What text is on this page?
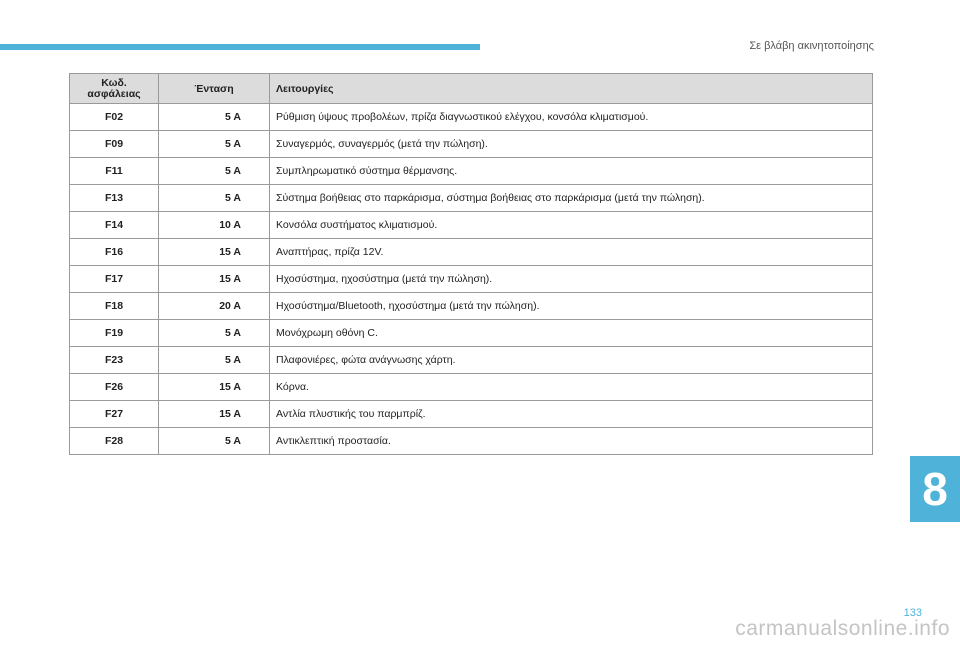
Σε βλάβη ακινητοποίησης
Κωδ.
ασφάλειας	Ένταση	Λειτουργίες
F02	5 A	Ρύθμιση ύψους προβολέων, πρίζα διαγνωστικού ελέγχου, κονσόλα κλιματισμού.
F09	5 A	Συναγερμός, συναγερμός (μετά την πώληση).
F11	5 A	Συμπληρωματικό σύστημα θέρμανσης.
F13	5 A	Σύστημα βοήθειας στο παρκάρισμα, σύστημα βοήθειας στο παρκάρισμα (μετά την πώληση).
F14	10 A	Κονσόλα συστήματος κλιματισμού.
F16	15 A	Αναπτήρας, πρίζα 12V.
F17	15 A	Ηχοσύστημα, ηχοσύστημα (μετά την πώληση).
F18	20 A	Ηχοσύστημα/Bluetooth, ηχοσύστημα (μετά την πώληση).
F19	5 A	Μονόχρωμη οθόνη C.
F23	5 A	Πλαφονιέρες, φώτα ανάγνωσης χάρτη.
F26	15 A	Κόρνα.
F27	15 A	Αντλία πλυστικής του παρμπρίζ.
F28	5 A	Αντικλεπτική προστασία.
8
133
carmanualsonline.info
